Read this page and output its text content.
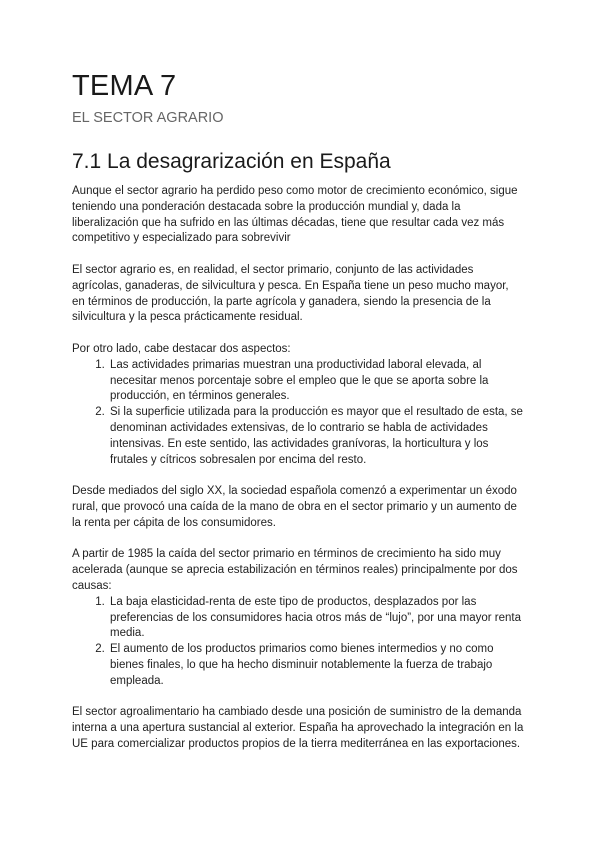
TEMA 7
EL SECTOR AGRARIO
7.1 La desagrarización en España

Aunque el sector agrario ha perdido peso como motor de crecimiento económico, sigue teniendo una ponderación destacada sobre la producción mundial y, dada la liberalización que ha sufrido en las últimas décadas, tiene que resultar cada vez más competitivo y especializado para sobrevivir

El sector agrario es, en realidad, el sector primario, conjunto de las actividades agrícolas, ganaderas, de silvicultura y pesca. En España tiene un peso mucho mayor, en términos de producción, la parte agrícola y ganadera, siendo la presencia de la silvicultura y la pesca prácticamente residual.

Por otro lado, cabe destacar dos aspectos:

1. Las actividades primarias muestran una productividad laboral elevada, al necesitar menos porcentaje sobre el empleo que le que se aporta sobre la producción, en términos generales.
2. Si la superficie utilizada para la producción es mayor que el resultado de esta, se denominan actividades extensivas, de lo contrario se habla de actividades intensivas. En este sentido, las actividades granívoras, la horticultura y los frutales y cítricos sobresalen por encima del resto.

Desde mediados del siglo XX, la sociedad española comenzó a experimentar un éxodo rural, que provocó una caída de la mano de obra en el sector primario y un aumento de la renta per cápita de los consumidores.

A partir de 1985 la caída del sector primario en términos de crecimiento ha sido muy acelerada (aunque se aprecia estabilización en términos reales) principalmente por dos causas:

1. La baja elasticidad-renta de este tipo de productos, desplazados por las preferencias de los consumidores hacia otros más de “lujo”, por una mayor renta media.
2. El aumento de los productos primarios como bienes intermedios y no como bienes finales, lo que ha hecho disminuir notablemente la fuerza de trabajo empleada.

El sector agroalimentario ha cambiado desde una posición de suministro de la demanda interna a una apertura sustancial al exterior. España ha aprovechado la integración en la UE para comercializar productos propios de la tierra mediterránea en las exportaciones.
